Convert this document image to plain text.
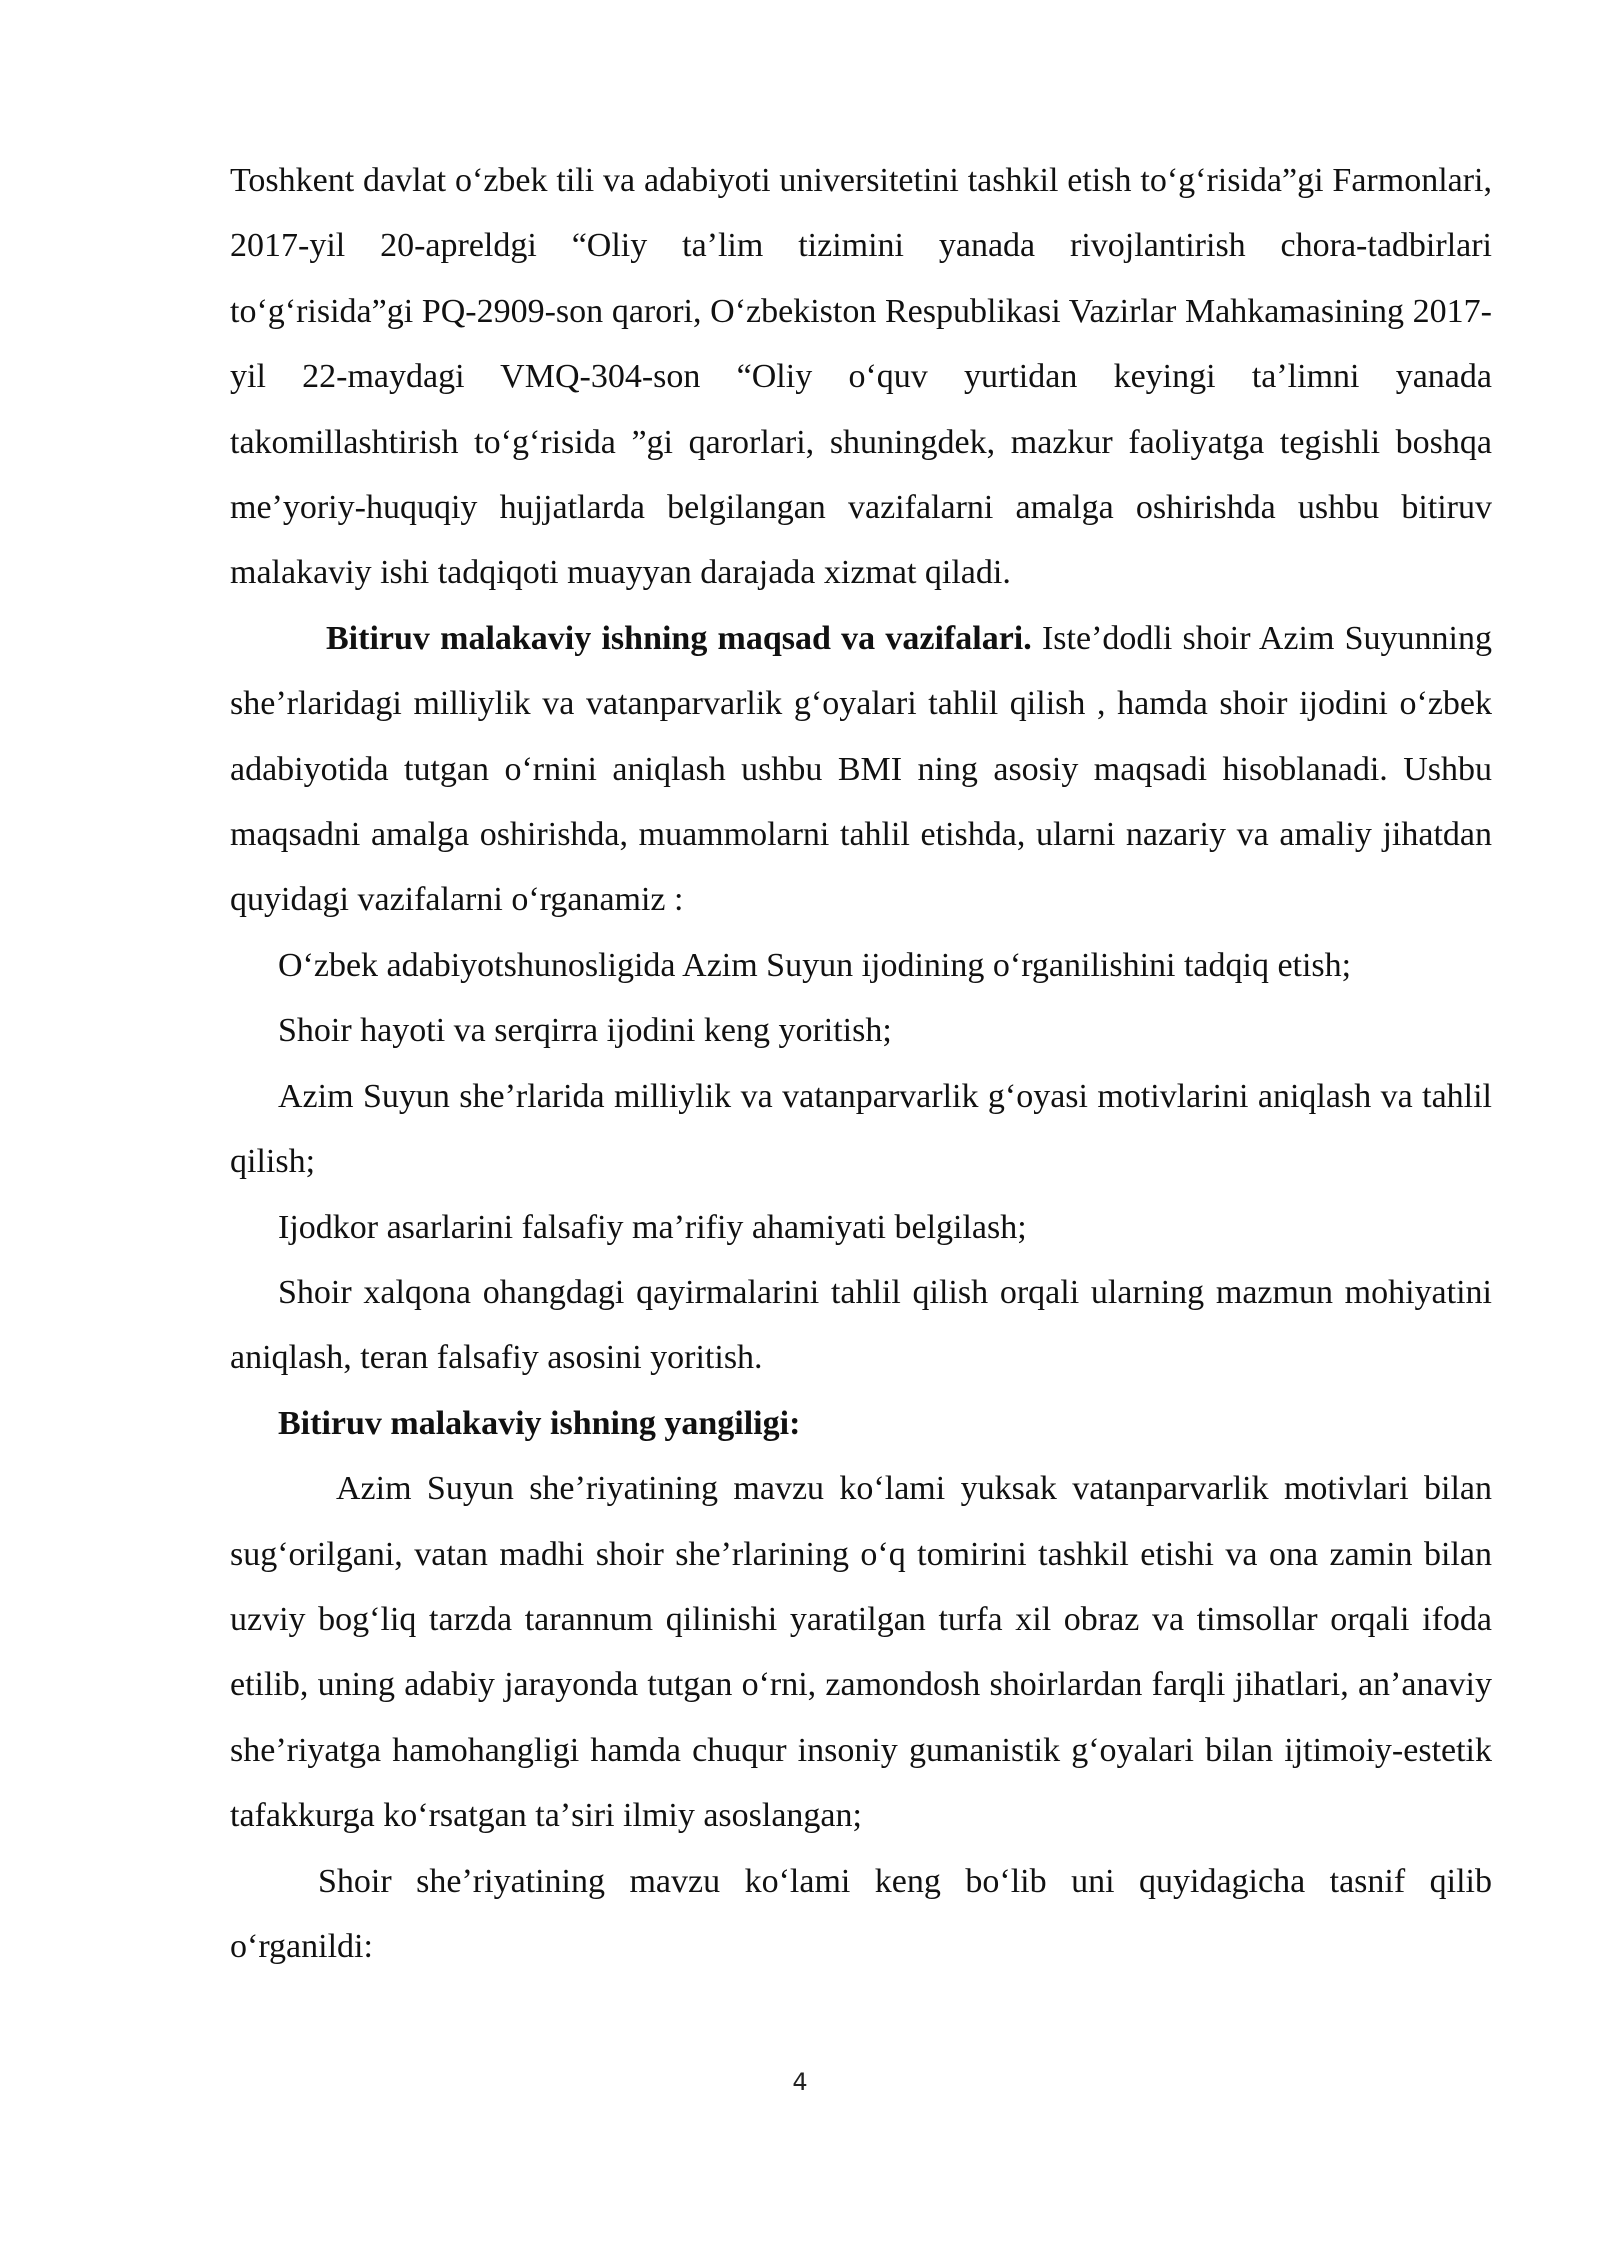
Toshkent davlat oʻzbek tili va adabiyoti universitetini tashkil etish toʻgʻrisida”gi Farmonlari, 2017-yil 20-apreldgi “Oliy taʼlim tizimini yanada rivojlantirish chora-tadbirlari toʻgʻrisida”gi PQ-2909-son qarori, Oʻzbekiston Respublikasi Vazirlar Mahkamasining 2017-yil 22-maydagi VMQ-304-son “Oliy oʻquv yurtidan keyingi taʼlimni yanada takomillashtirish toʻgʻrisida ”gi qarorlari, shuningdek, mazkur faoliyatga tegishli boshqa meʼyoriy-huquqiy hujjatlarda belgilangan vazifalarni amalga oshirishda ushbu bitiruv malakaviy ishi tadqiqoti muayyan darajada xizmat qiladi.

Bitiruv malakaviy ishning maqsad va vazifalari. Isteʼdodli shoir Azim Suyunning sheʼrlaridagi milliylik va vatanparvarlik gʻoyalari tahlil qilish , hamda shoir ijodini oʻzbek adabiyotida tutgan oʻrnini aniqlash ushbu BMI ning asosiy maqsadi hisoblanadi. Ushbu maqsadni amalga oshirishda, muammolarni tahlil etishda, ularni nazariy va amaliy jihatdan quyidagi vazifalarni oʻrganamiz :

Oʻzbek adabiyotshunosligida Azim Suyun ijodining oʻrganilishini tadqiq etish;

Shoir hayoti va serqirra ijodini keng yoritish;

Azim Suyun sheʼrlarida milliylik va vatanparvarlik gʻoyasi motivlarini aniqlash va tahlil qilish;

Ijodkor asarlarini falsafiy maʼrifiy ahamiyati belgilash;

Shoir xalqona ohangdagi qayirmalarini tahlil qilish orqali ularning mazmun mohiyatini aniqlash, teran falsafiy asosini yoritish.

Bitiruv malakaviy ishning yangiligi:

Azim Suyun sheʼriyatining mavzu koʻlami yuksak vatanparvarlik motivlari bilan sugʻorilgani, vatan madhi shoir sheʼrlarining oʻq tomirini tashkil etishi va ona zamin bilan uzviy bogʻliq tarzda tarannum qilinishi yaratilgan turfa xil obraz va timsollar orqali ifoda etilib, uning adabiy jarayonda tutgan oʻrni, zamondosh shoirlardan farqli jihatlari, anʼanaviy sheʼriyatga hamohangligi hamda chuqur insoniy gumanistik gʻoyalari bilan ijtimoiy-estetik tafakkurga koʻrsatgan taʼsiri ilmiy asoslangan;

Shoir sheʼriyatining mavzu koʻlami keng boʻlib uni quyidagicha tasnif qilib oʻrganildi:

4
